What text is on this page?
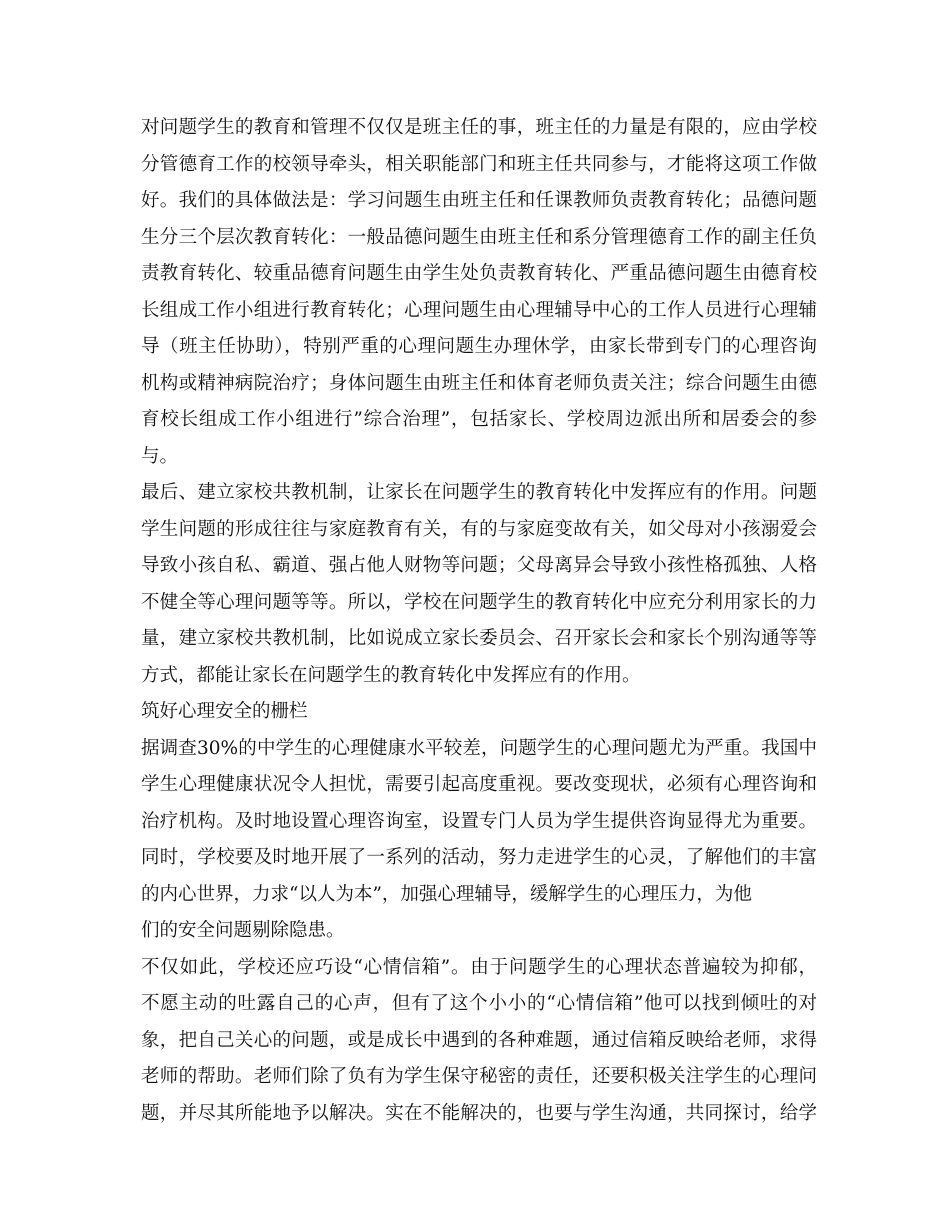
对问题学生的教育和管理不仅仅是班主任的事，班主任的力量是有限的，应由学校
分管德育工作的校领导牵头，相关职能部门和班主任共同参与，才能将这项工作做
好。我们的具体做法是：学习问题生由班主任和任课教师负责教育转化；品德问题
生分三个层次教育转化：一般品德问题生由班主任和系分管理德育工作的副主任负
责教育转化、较重品德育问题生由学生处负责教育转化、严重品德问题生由德育校
长组成工作小组进行教育转化；心理问题生由心理辅导中心的工作人员进行心理辅
导（班主任协助），特别严重的心理问题生办理休学，由家长带到专门的心理咨询
机构或精神病院治疗；身体问题生由班主任和体育老师负责关注；综合问题生由德
育校长组成工作小组进行”综合治理”，包括家长、学校周边派出所和居委会的参
与。
最后、建立家校共教机制，让家长在问题学生的教育转化中发挥应有的作用。问题
学生问题的形成往往与家庭教育有关，有的与家庭变故有关，如父母对小孩溺爱会
导致小孩自私、霸道、强占他人财物等问题；父母离异会导致小孩性格孤独、人格
不健全等心理问题等等。所以，学校在问题学生的教育转化中应充分利用家长的力
量，建立家校共教机制，比如说成立家长委员会、召开家长会和家长个别沟通等等
方式，都能让家长在问题学生的教育转化中发挥应有的作用。
筑好心理安全的栅栏
据调查30%的中学生的心理健康水平较差，问题学生的心理问题尤为严重。我国中
学生心理健康状况令人担忧，需要引起高度重视。要改变现状，必须有心理咨询和
治疗机构。及时地设置心理咨询室，设置专门人员为学生提供咨询显得尤为重要。
同时，学校要及时地开展了一系列的活动，努力走进学生的心灵，了解他们的丰富
的内心世界，力求“以人为本”，加强心理辅导，缓解学生的心理压力，为他
们的安全问题剔除隐患。
不仅如此，学校还应巧设“心情信箱”。由于问题学生的心理状态普遍较为抑郁，
不愿主动的吐露自己的心声，但有了这个小小的“心情信箱”他可以找到倾吐的对
象，把自己关心的问题，或是成长中遇到的各种难题，通过信箱反映给老师，求得
老师的帮助。老师们除了负有为学生保守秘密的责任，还要积极关注学生的心理问
题，并尽其所能地予以解决。实在不能解决的，也要与学生沟通，共同探讨，给学
